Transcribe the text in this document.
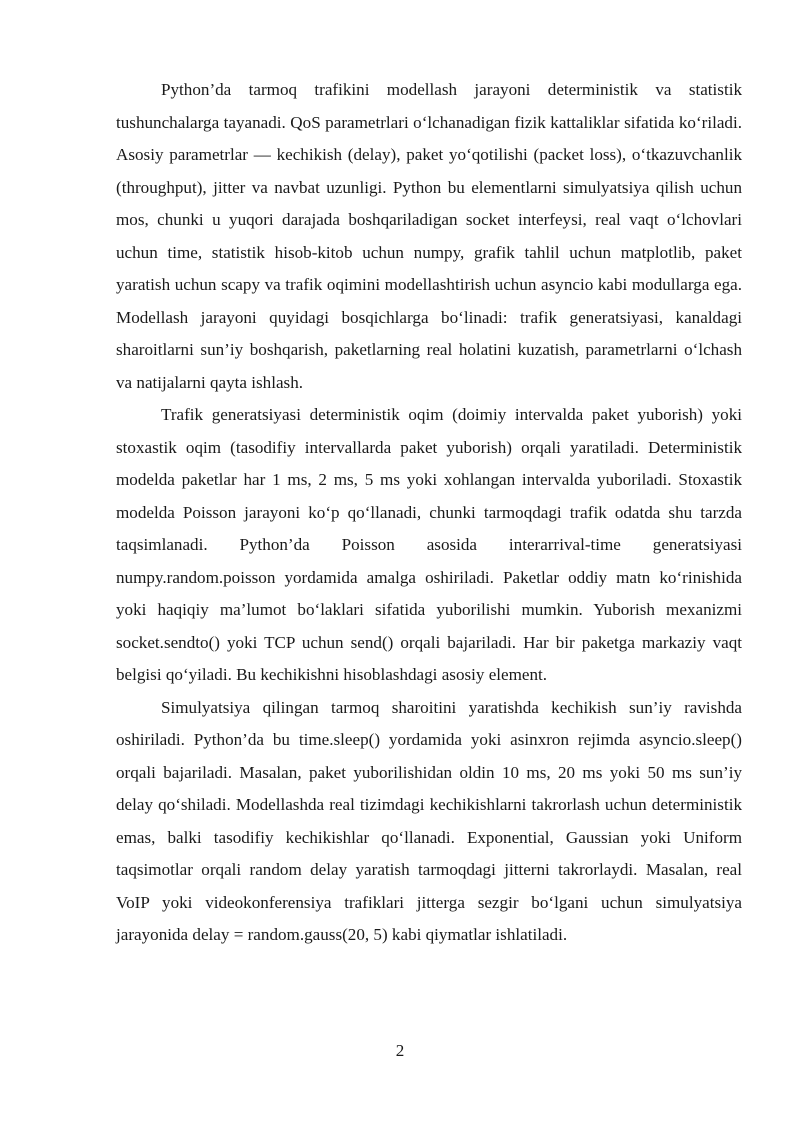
Python’da tarmoq trafikini modellash jarayoni deterministik va statistik tushunchalarga tayanadi. QoS parametrlari o‘lchanadigan fizik kattaliklar sifatida ko‘riladi. Asosiy parametrlar — kechikish (delay), paket yo‘qotilishi (packet loss), o‘tkazuvchanlik (throughput), jitter va navbat uzunligi. Python bu elementlarni simulyatsiya qilish uchun mos, chunki u yuqori darajada boshqariladigan socket interfeysi, real vaqt o‘lchovlari uchun time, statistik hisob-kitob uchun numpy, grafik tahlil uchun matplotlib, paket yaratish uchun scapy va trafik oqimini modellashtirish uchun asyncio kabi modullarga ega. Modellash jarayoni quyidagi bosqichlarga bo‘linadi: trafik generatsiyasi, kanaldagi sharoitlarni sun’iy boshqarish, paketlarning real holatini kuzatish, parametrlarni o‘lchash va natijalarni qayta ishlash.

Trafik generatsiyasi deterministik oqim (doimiy intervalda paket yuborish) yoki stoxastik oqim (tasodifiy intervallarda paket yuborish) orqali yaratiladi. Deterministik modelda paketlar har 1 ms, 2 ms, 5 ms yoki xohlangan intervalda yuboriladi. Stoxastik modelda Poisson jarayoni ko‘p qo‘llanadi, chunki tarmoqdagi trafik odatda shu tarzda taqsimlanadi. Python’da Poisson asosida interarrival-time generatsiyasi numpy.random.poisson yordamida amalga oshiriladi. Paketlar oddiy matn ko‘rinishida yoki haqiqiy ma’lumot bo‘laklari sifatida yuborilishi mumkin. Yuborish mexanizmi socket.sendto() yoki TCP uchun send() orqali bajariladi. Har bir paketga markaziy vaqt belgisi qo‘yiladi. Bu kechikishni hisoblashdagi asosiy element.

Simulyatsiya qilingan tarmoq sharoitini yaratishda kechikish sun’iy ravishda oshiriladi. Python’da bu time.sleep() yordamida yoki asinxron rejimda asyncio.sleep() orqali bajariladi. Masalan, paket yuborilishidan oldin 10 ms, 20 ms yoki 50 ms sun’iy delay qo‘shiladi. Modellashda real tizimdagi kechikishlarni takrorlash uchun deterministik emas, balki tasodifiy kechikishlar qo‘llanadi. Exponential, Gaussian yoki Uniform taqsimotlar orqali random delay yaratish tarmoqdagi jitterni takrorlaydi. Masalan, real VoIP yoki videokonferensiya trafiklari jitterga sezgir bo‘lgani uchun simulyatsiya jarayonida delay = random.gauss(20, 5) kabi qiymatlar ishlatiladi.

2
